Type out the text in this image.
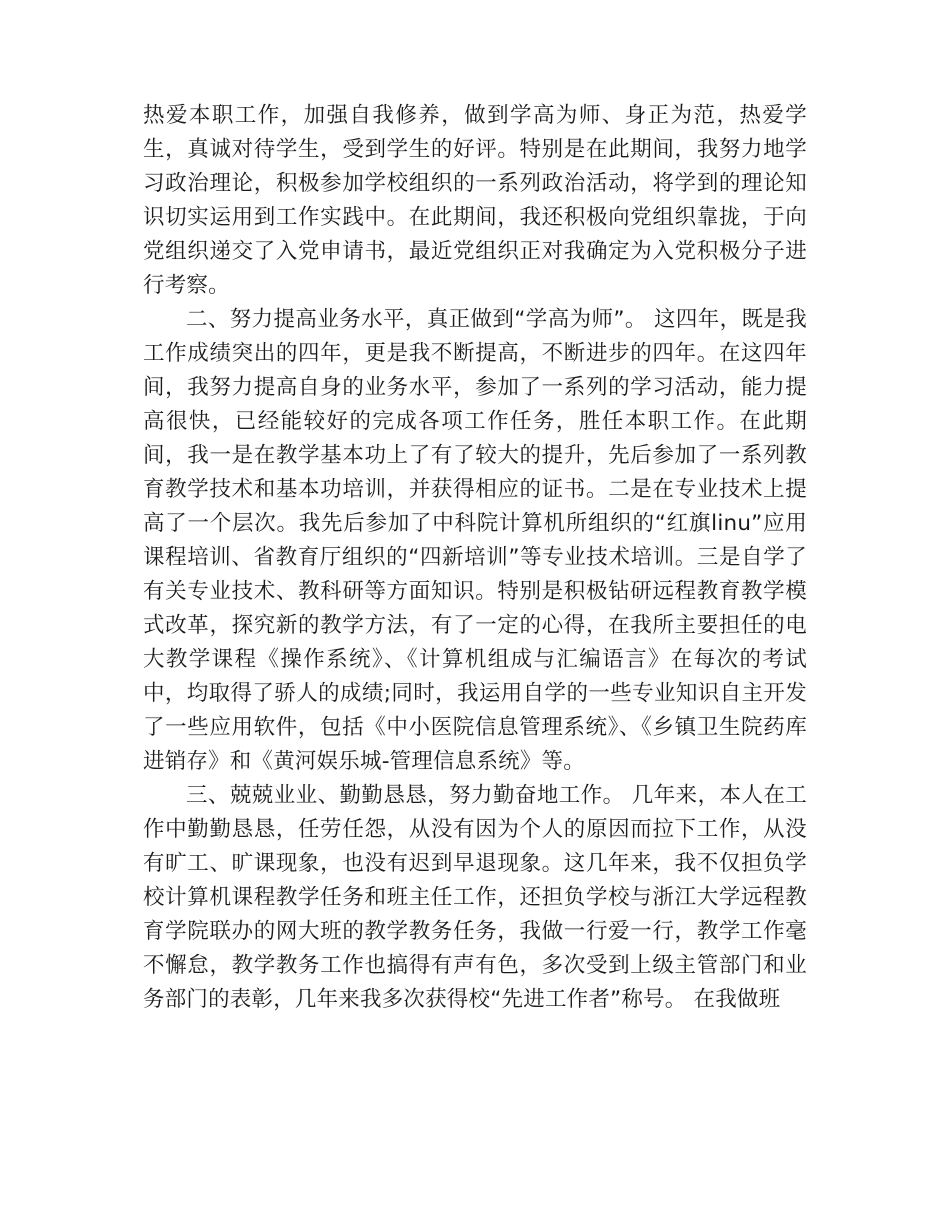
热爱本职工作，加强自我修养，做到学高为师、身正为范，热爱学生，真诚对待学生，受到学生的好评。特别是在此期间，我努力地学习政治理论，积极参加学校组织的一系列政治活动，将学到的理论知识切实运用到工作实践中。在此期间，我还积极向党组织靠拢，于向党组织递交了入党申请书，最近党组织正对我确定为入党积极分子进行考察。

二、努力提高业务水平，真正做到“学高为师”。 这四年，既是我工作成绩突出的四年，更是我不断提高，不断进步的四年。在这四年间，我努力提高自身的业务水平，参加了一系列的学习活动，能力提高很快，已经能较好的完成各项工作任务，胜任本职工作。在此期间，我一是在教学基本功上了有了较大的提升，先后参加了一系列教育教学技术和基本功培训，并获得相应的证书。二是在专业技术上提高了一个层次。我先后参加了中科院计算机所组织的“红旗linu”应用课程培训、省教育厅组织的“四新培训”等专业技术培训。三是自学了有关专业技术、教科研等方面知识。特别是积极钻研远程教育教学模式改革，探究新的教学方法，有了一定的心得，在我所主要担任的电大教学课程《操作系统》、《计算机组成与汇编语言》在每次的考试中，均取得了骄人的成绩;同时，我运用自学的一些专业知识自主开发了一些应用软件，包括《中小医院信息管理系统》、《乡镇卫生院药库进销存》和《黄河娱乐城-管理信息系统》等。

三、兢兢业业、勤勤恳恳，努力勤奋地工作。 几年来，本人在工作中勤勤恳恳，任劳任怨，从没有因为个人的原因而拉下工作，从没有旷工、旷课现象，也没有迟到早退现象。这几年来，我不仅担负学校计算机课程教学任务和班主任工作，还担负学校与浙江大学远程教育学院联办的网大班的教学教务任务，我做一行爱一行，教学工作毫不懈怠，教学教务工作也搞得有声有色，多次受到上级主管部门和业务部门的表彰，几年来我多次获得校“先进工作者”称号。 在我做班
